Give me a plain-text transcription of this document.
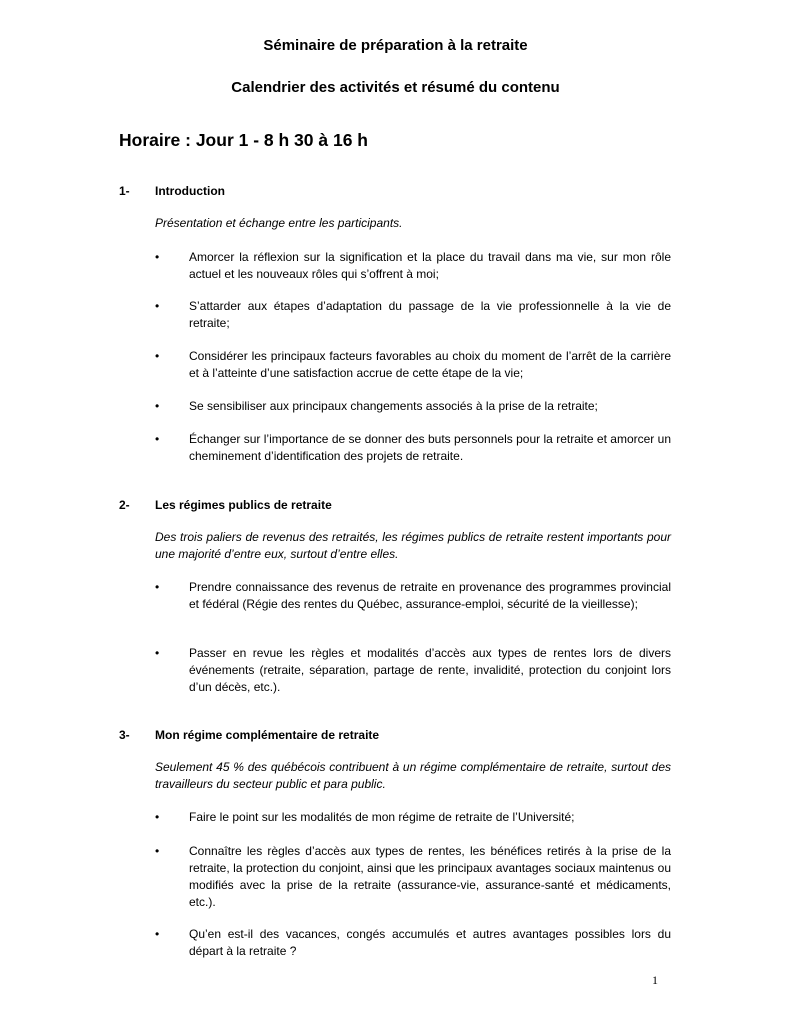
Séminaire de préparation à la retraite
Calendrier des activités et résumé du contenu
Horaire : Jour 1 - 8 h 30 à 16 h
1- Introduction
Présentation et échange entre les participants.
• Amorcer la réflexion sur la signification et la place du travail dans ma vie, sur mon rôle actuel et les nouveaux rôles qui s’offrent à moi;
• S’attarder aux étapes d’adaptation du passage de la vie professionnelle à la vie de retraite;
• Considérer les principaux facteurs favorables au choix du moment de l’arrêt de la carrière et à l’atteinte d’une satisfaction accrue de cette étape de la vie;
• Se sensibiliser aux principaux changements associés à la prise de la retraite;
• Échanger sur l’importance de se donner des buts personnels pour la retraite et amorcer un cheminement d’identification des projets de retraite.
2- Les régimes publics de retraite
Des trois paliers de revenus des retraités, les régimes publics de retraite restent importants pour une majorité d’entre eux, surtout d’entre elles.
• Prendre connaissance des revenus de retraite en provenance des programmes provincial et fédéral (Régie des rentes du Québec, assurance-emploi, sécurité de la vieillesse);
• Passer en revue les règles et modalités d’accès aux types de rentes lors de divers événements (retraite, séparation, partage de rente, invalidité, protection du conjoint lors d’un décès, etc.).
3- Mon régime complémentaire de retraite
Seulement 45 % des québécois contribuent à un régime complémentaire de retraite, surtout des travailleurs du secteur public et para public.
• Faire le point sur les modalités de mon régime de retraite de l’Université;
• Connaître les règles d’accès aux types de rentes, les bénéfices retirés à la prise de la retraite, la protection du conjoint, ainsi que les principaux avantages sociaux maintenus ou modifiés avec la prise de la retraite (assurance-vie, assurance-santé et médicaments, etc.).
• Qu’en est-il des vacances, congés accumulés et autres avantages possibles lors du départ à la retraite ?
1
